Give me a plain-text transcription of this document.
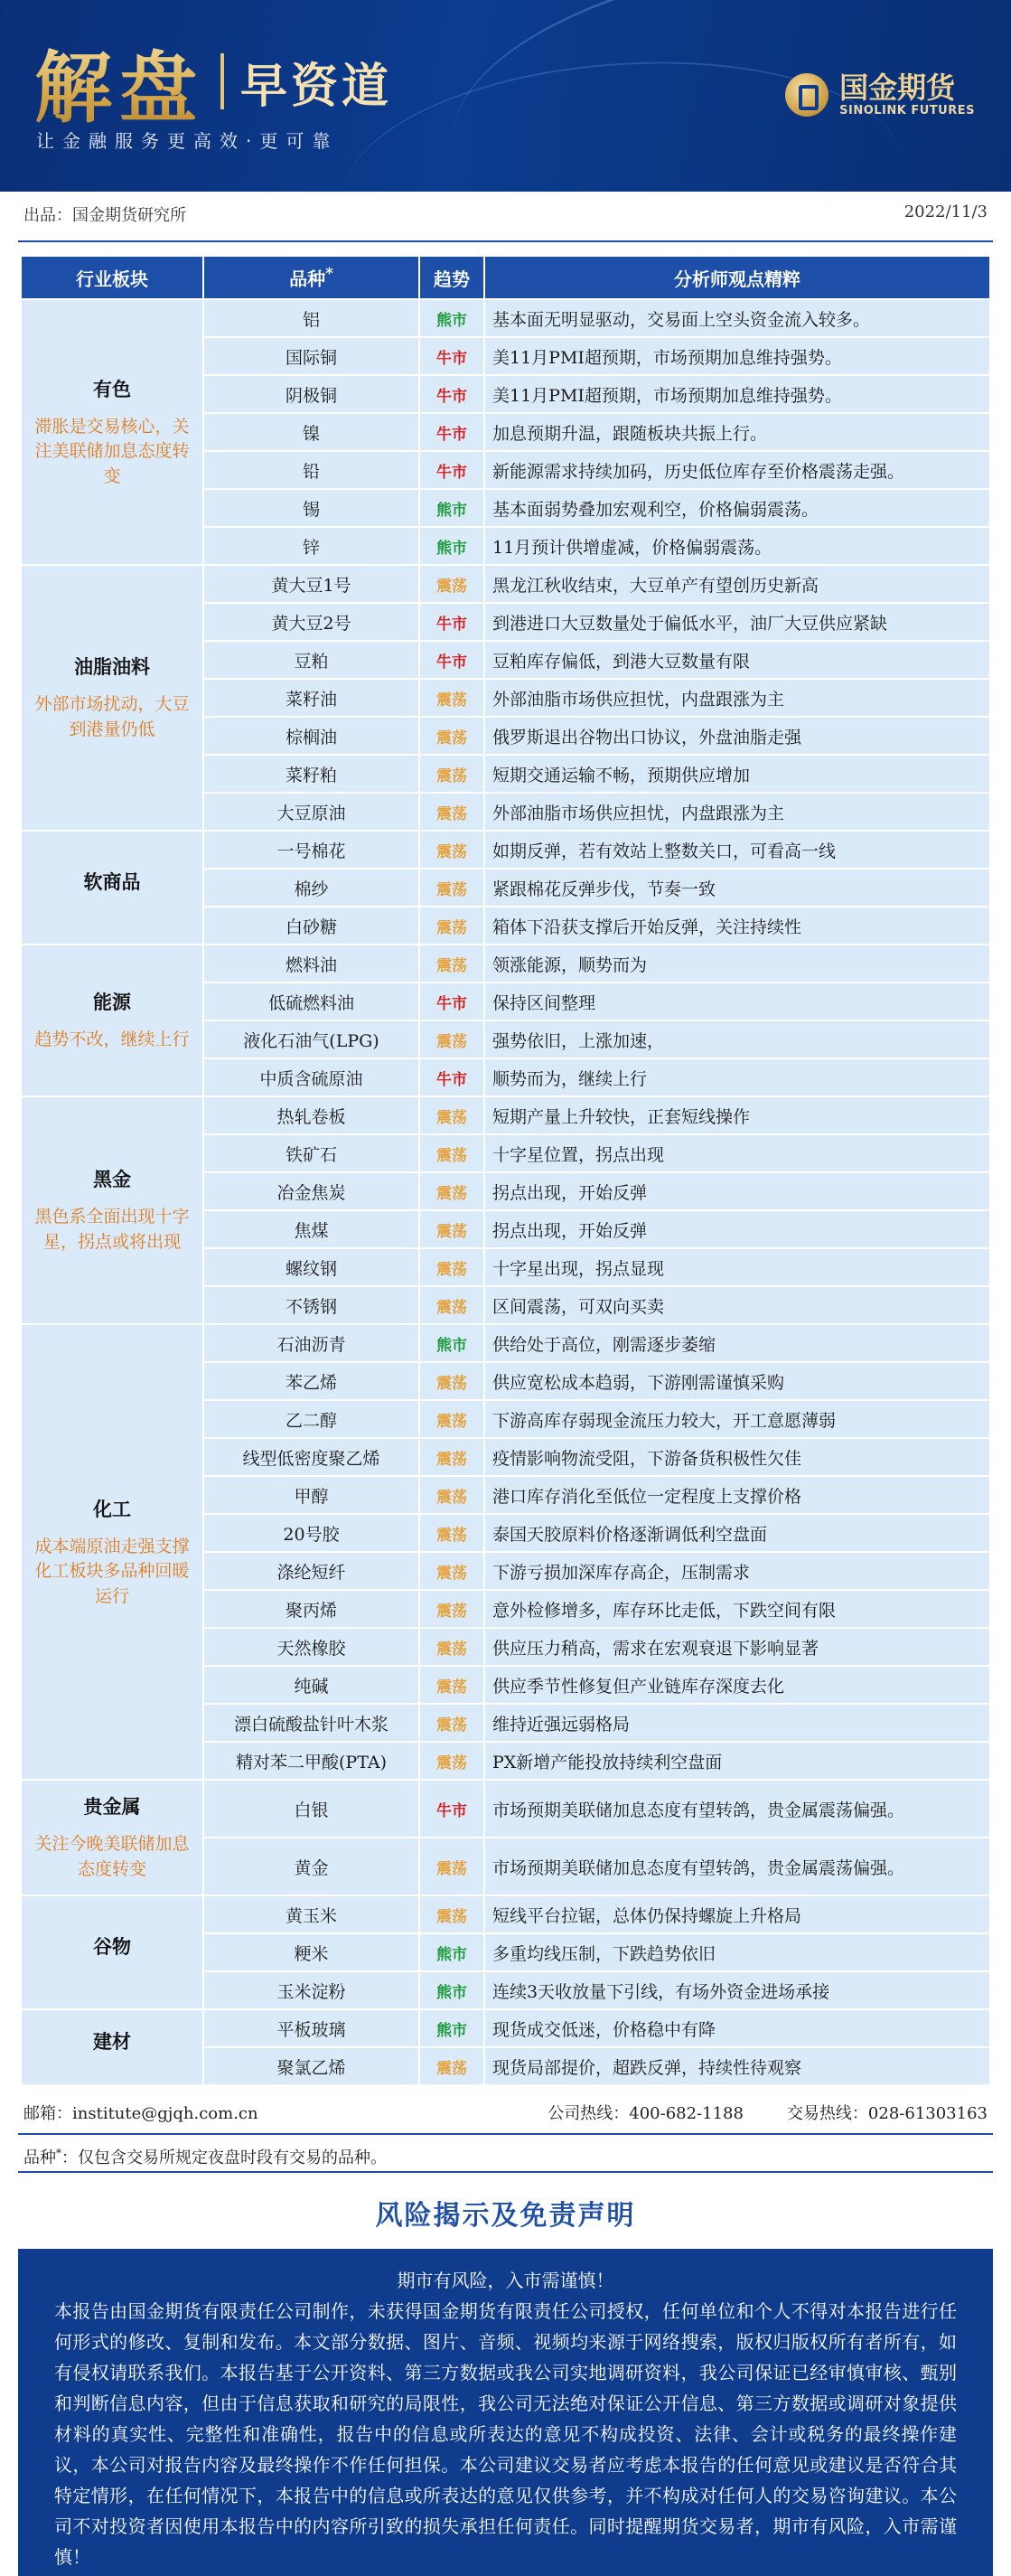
解盘 早资道
让金融服务更高效·更可靠
国金期货
SINOLINK FUTURES
出品：国金期货研究所	2022/11/3
行业板块	品种*	趋势	分析师观点精粹

有色
滞胀是交易核心，关注美联储加息态度转变	铝	熊市	基本面无明显驱动，交易面上空头资金流入较多。
	国际铜	牛市	美11月PMI超预期，市场预期加息维持强势。
	阴极铜	牛市	美11月PMI超预期，市场预期加息维持强势。
	镍	牛市	加息预期升温，跟随板块共振上行。
	铅	牛市	新能源需求持续加码，历史低位库存至价格震荡走强。
	锡	熊市	基本面弱势叠加宏观利空，价格偏弱震荡。
	锌	熊市	11月预计供增虚减，价格偏弱震荡。

油脂油料
外部市场扰动，大豆到港量仍低	黄大豆1号	震荡	黑龙江秋收结束，大豆单产有望创历史新高
	黄大豆2号	牛市	到港进口大豆数量处于偏低水平，油厂大豆供应紧缺
	豆粕	牛市	豆粕库存偏低，到港大豆数量有限
	菜籽油	震荡	外部油脂市场供应担忧，内盘跟涨为主
	棕榈油	震荡	俄罗斯退出谷物出口协议，外盘油脂走强
	菜籽粕	震荡	短期交通运输不畅，预期供应增加
	大豆原油	震荡	外部油脂市场供应担忧，内盘跟涨为主

软商品	一号棉花	震荡	如期反弹，若有效站上整数关口，可看高一线
	棉纱	震荡	紧跟棉花反弹步伐，节奏一致
	白砂糖	震荡	箱体下沿获支撑后开始反弹，关注持续性

能源
趋势不改，继续上行	燃料油	震荡	领涨能源，顺势而为
	低硫燃料油	牛市	保持区间整理
	液化石油气(LPG)	震荡	强势依旧，上涨加速，
	中质含硫原油	牛市	顺势而为，继续上行

黑金
黑色系全面出现十字星，拐点或将出现	热轧卷板	震荡	短期产量上升较快，正套短线操作
	铁矿石	震荡	十字星位置，拐点出现
	冶金焦炭	震荡	拐点出现，开始反弹
	焦煤	震荡	拐点出现，开始反弹
	螺纹钢	震荡	十字星出现，拐点显现
	不锈钢	震荡	区间震荡，可双向买卖

化工
成本端原油走强支撑化工板块多品种回暖运行	石油沥青	熊市	供给处于高位，刚需逐步萎缩
	苯乙烯	震荡	供应宽松成本趋弱，下游刚需谨慎采购
	乙二醇	震荡	下游高库存弱现金流压力较大，开工意愿薄弱
	线型低密度聚乙烯	震荡	疫情影响物流受阻，下游备货积极性欠佳
	甲醇	震荡	港口库存消化至低位一定程度上支撑价格
	20号胶	震荡	泰国天胶原料价格逐渐调低利空盘面
	涤纶短纤	震荡	下游亏损加深库存高企，压制需求
	聚丙烯	震荡	意外检修增多，库存环比走低，下跌空间有限
	天然橡胶	震荡	供应压力稍高，需求在宏观衰退下影响显著
	纯碱	震荡	供应季节性修复但产业链库存深度去化
	漂白硫酸盐针叶木浆	震荡	维持近强远弱格局
	精对苯二甲酸(PTA)	震荡	PX新增产能投放持续利空盘面

贵金属
关注今晚美联储加息态度转变	白银	牛市	市场预期美联储加息态度有望转鸽，贵金属震荡偏强。
	黄金	震荡	市场预期美联储加息态度有望转鸽，贵金属震荡偏强。

谷物	黄玉米	震荡	短线平台拉锯，总体仍保持螺旋上升格局
	粳米	熊市	多重均线压制，下跌趋势依旧
	玉米淀粉	熊市	连续3天收放量下引线，有场外资金进场承接

建材	平板玻璃	熊市	现货成交低迷，价格稳中有降
	聚氯乙烯	震荡	现货局部提价，超跌反弹，持续性待观察
邮箱：institute@gjqh.com.cn	公司热线：400-682-1188	交易热线：028-61303163
品种*：仅包含交易所规定夜盘时段有交易的品种。
风险揭示及免责声明
期市有风险，入市需谨慎！
本报告由国金期货有限责任公司制作，未获得国金期货有限责任公司授权，任何单位和个人不得对本报告进行任何形式的修改、复制和发布。本文部分数据、图片、音频、视频均来源于网络搜索，版权归版权所有者所有，如有侵权请联系我们。本报告基于公开资料、第三方数据或我公司实地调研资料，我公司保证已经审慎审核、甄别和判断信息内容，但由于信息获取和研究的局限性，我公司无法绝对保证公开信息、第三方数据或调研对象提供材料的真实性、完整性和准确性，报告中的信息或所表达的意见不构成投资、法律、会计或税务的最终操作建议，本公司对报告内容及最终操作不作任何担保。本公司建议交易者应考虑本报告的任何意见或建议是否符合其特定情形，在任何情况下，本报告中的信息或所表达的意见仅供参考，并不构成对任何人的交易咨询建议。本公司不对投资者因使用本报告中的内容所引致的损失承担任何责任。同时提醒期货交易者，期市有风险，入市需谨慎！
